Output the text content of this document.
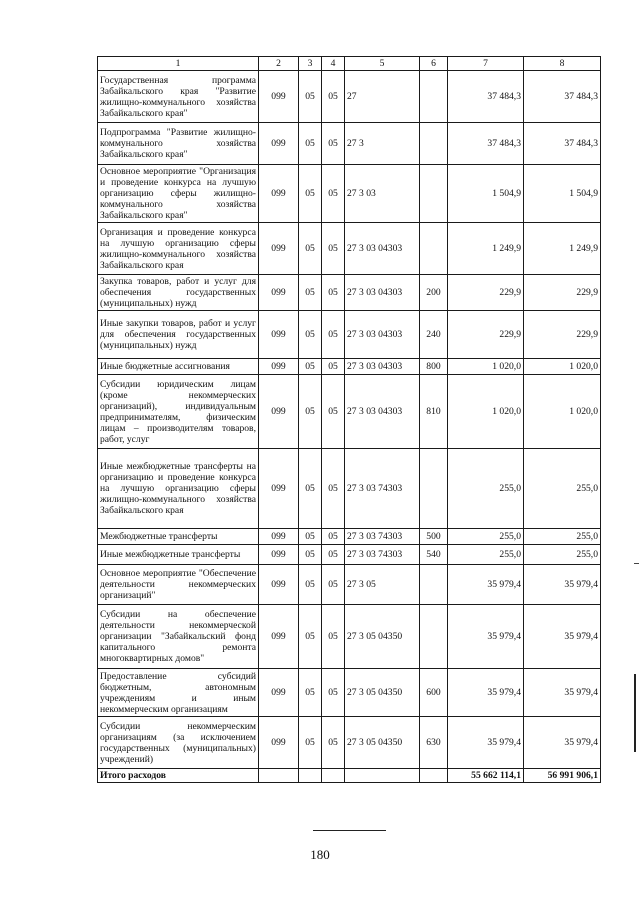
1	2	3	4	5	6	7	8
Государственная программа Забайкальского края "Развитие жилищно-коммунального хозяйства Забайкальского края"	099	05	05	27		37 484,3	37 484,3
Подпрограмма "Развитие жилищно-коммунального хозяйства Забайкальского края"	099	05	05	27 3		37 484,3	37 484,3
Основное мероприятие "Организация и проведение конкурса на лучшую организацию сферы жилищно-коммунального хозяйства Забайкальского края"	099	05	05	27 3 03		1 504,9	1 504,9
Организация и проведение конкурса на лучшую организацию сферы жилищно-коммунального хозяйства Забайкальского края	099	05	05	27 3 03 04303		1 249,9	1 249,9
Закупка товаров, работ и услуг для обеспечения государственных (муниципальных) нужд	099	05	05	27 3 03 04303	200	229,9	229,9
Иные закупки товаров, работ и услуг для обеспечения государственных (муниципальных) нужд	099	05	05	27 3 03 04303	240	229,9	229,9
Иные бюджетные ассигнования	099	05	05	27 3 03 04303	800	1 020,0	1 020,0
Субсидии юридическим лицам (кроме некоммерческих организаций), индивидуальным предпринимателям, физическим лицам – производителям товаров, работ, услуг	099	05	05	27 3 03 04303	810	1 020,0	1 020,0
Иные межбюджетные трансферты на организацию и проведение конкурса на лучшую организацию сферы жилищно-коммунального хозяйства Забайкальского края	099	05	05	27 3 03 74303		255,0	255,0
Межбюджетные трансферты	099	05	05	27 3 03 74303	500	255,0	255,0
Иные межбюджетные трансферты	099	05	05	27 3 03 74303	540	255,0	255,0
Основное мероприятие "Обеспечение деятельности некоммерческих организаций"	099	05	05	27 3 05		35 979,4	35 979,4
Субсидии на обеспечение деятельности некоммерческой организации "Забайкальский фонд капитального ремонта многоквартирных домов"	099	05	05	27 3 05 04350		35 979,4	35 979,4
Предоставление субсидий бюджетным, автономным учреждениям и иным некоммерческим организациям	099	05	05	27 3 05 04350	600	35 979,4	35 979,4
Субсидии некоммерческим организациям (за исключением государственных (муниципальных) учреждений)	099	05	05	27 3 05 04350	630	35 979,4	35 979,4
Итого расходов						55 662 114,1	56 991 906,1
180
